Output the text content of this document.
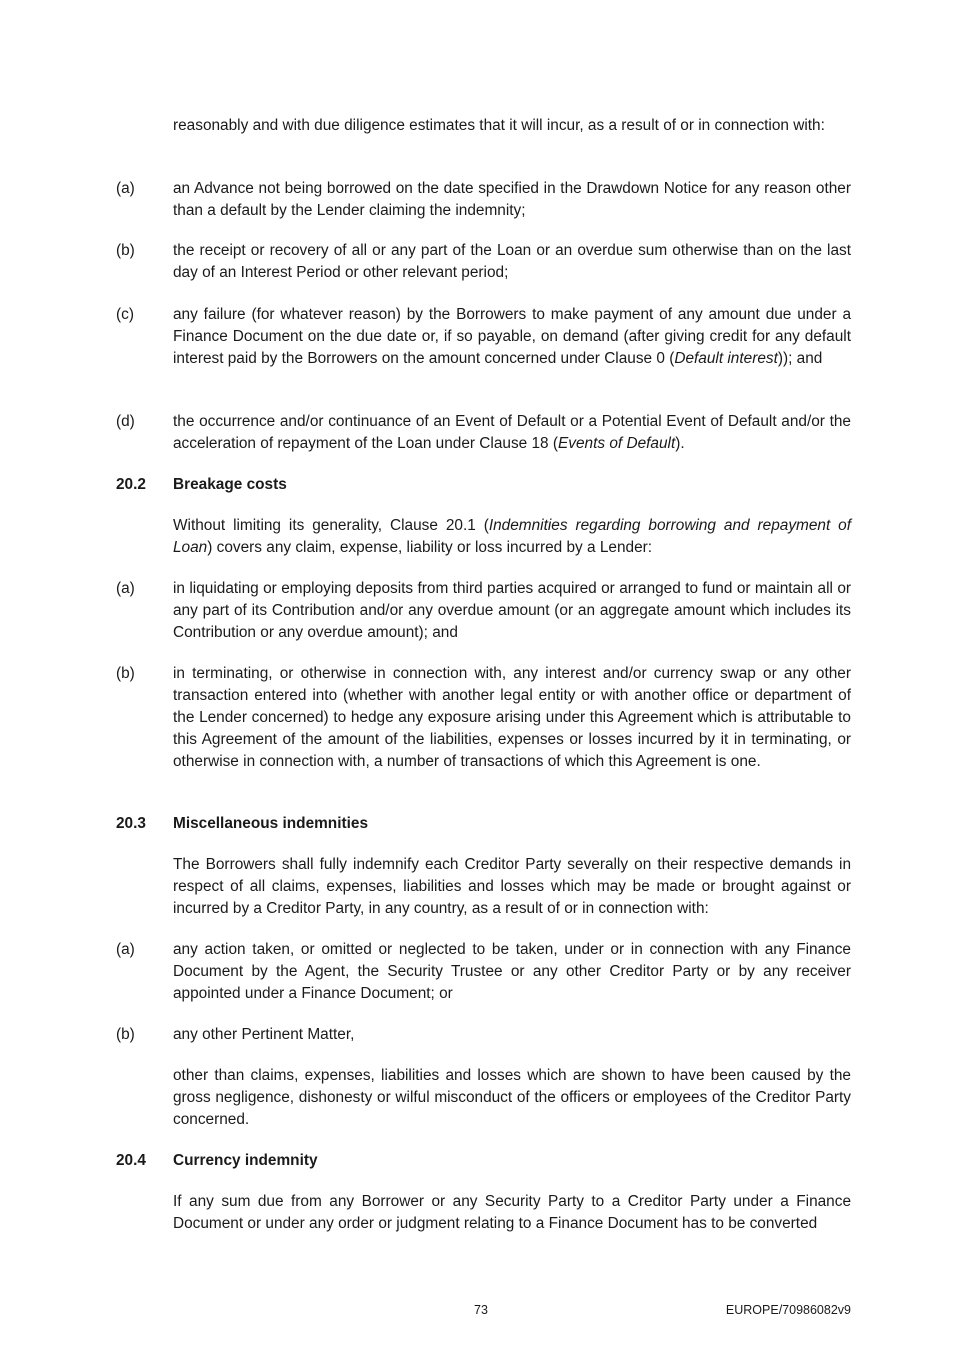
reasonably and with due diligence estimates that it will incur, as a result of or in connection with:

(a) an Advance not being borrowed on the date specified in the Drawdown Notice for any reason other than a default by the Lender claiming the indemnity;

(b) the receipt or recovery of all or any part of the Loan or an overdue sum otherwise than on the last day of an Interest Period or other relevant period;

(c)	any failure (for whatever reason) by the Borrowers to make payment of any amount due under a Finance Document on the due date or, if so payable, on demand (after giving credit for any default interest paid by the Borrowers on the amount concerned under Clause 0 (Default interest)); and

(d) the occurrence and/or continuance of an Event of Default or a Potential Event of Default and/or the acceleration of repayment of the Loan under Clause 18 (Events of Default).

20.2 Breakage costs

Without limiting its generality, Clause 20.1 (Indemnities regarding borrowing and repayment of Loan) covers any claim, expense, liability or loss incurred by a Lender:

(a) in liquidating or employing deposits from third parties acquired or arranged to fund or maintain all or any part of its Contribution and/or any overdue amount (or an aggregate amount which includes its Contribution or any overdue amount); and

(b) in terminating, or otherwise in connection with, any interest and/or currency swap or any other transaction entered into (whether with another legal entity or with another office or department of the Lender concerned) to hedge any exposure arising under this Agreement which is attributable to this Agreement of the amount of the liabilities, expenses or losses incurred by it in terminating, or otherwise in connection with, a number of transactions of which this Agreement is one.

20.3 Miscellaneous indemnities

The Borrowers shall fully indemnify each Creditor Party severally on their respective demands in respect of all claims, expenses, liabilities and losses which may be made or brought against or incurred by a Creditor Party, in any country, as a result of or in connection with:

(a) any action taken, or omitted or neglected to be taken, under or in connection with any Finance Document by the Agent, the Security Trustee or any other Creditor Party or by any receiver appointed under a Finance Document; or

(b) any other Pertinent Matter,

other than claims, expenses, liabilities and losses which are shown to have been caused by the gross negligence, dishonesty or wilful misconduct of the officers or employees of the Creditor Party concerned.

20.4 Currency indemnity

If any sum due from any Borrower or any Security Party to a Creditor Party under a Finance Document or under any order or judgment relating to a Finance Document has to be converted

73	EUROPE/70986082v9
